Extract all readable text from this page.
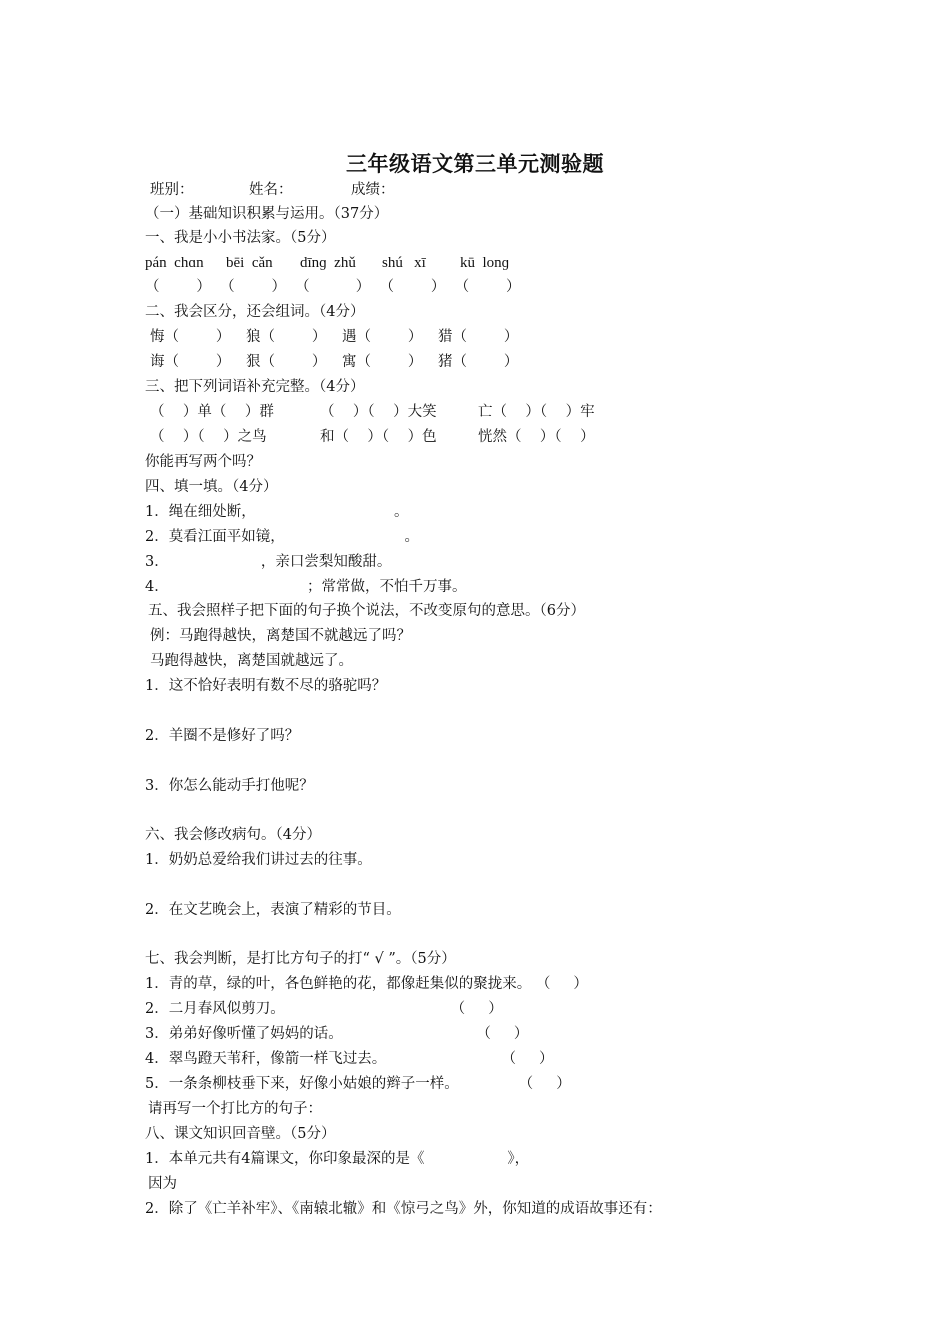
三年级语文第三单元测验题
班别：	姓名：	成绩：
（一）基础知识积累与运用。（37分）
一、我是小小书法家。（5分）
pán  chɑn bēi  cǎn dīnɡ  zhǔ shú   xī kū  lonɡ
（        ）  （        ）  （          ）  （        ）  （        ）
二、我会区分，还会组词。（4分）
悔（        ） 狼（        ） 遇（        ） 猎（        ）
诲（        ） 狠（        ） 寓（        ） 猪（        ）
三、把下列词语补充完整。（4分）
（    ）单（    ）群	（    ）（    ）大笑	亡（    ）（    ）牢
（    ）（    ）之鸟	和（    ）（    ）色	恍然（    ）（    ）
你能再写两个吗？
四、填一填。（4分）
1．绳在细处断，                              。
2．莫看江面平如镜，                          。
3．                    ，亲口尝梨知酸甜。
4．                              ；常常做，不怕千万事。
五、我会照样子把下面的句子换个说法，不改变原句的意思。（6分）
例：马跑得越快，离楚国不就越远了吗？
马跑得越快，离楚国就越远了。
1．这不恰好表明有数不尽的骆驼吗？
2．羊圈不是修好了吗？
3．你怎么能动手打他呢？
六、我会修改病句。（4分）
1．奶奶总爱给我们讲过去的往事。
2．在文艺晚会上，表演了精彩的节目。
七、我会判断，是打比方句子的打“ √ ”。（5分）
1．青的草，绿的叶，各色鲜艳的花，都像赶集似的聚拢来。 （     ）
2．二月春风似剪刀。                                    （     ）
3．弟弟好像听懂了妈妈的话。                             （     ）
4．翠鸟蹬天苇秆，像箭一样飞过去。                         （     ）
5．一条条柳枝垂下来，好像小姑娘的辫子一样。             （     ）
请再写一个打比方的句子：
八、课文知识回音壁。（5分）
1．本单元共有4篇课文，你印象最深的是《                  》，
因为
2．除了《亡羊补牢》、《南辕北辙》和《惊弓之鸟》外，你知道的成语故事还有：
